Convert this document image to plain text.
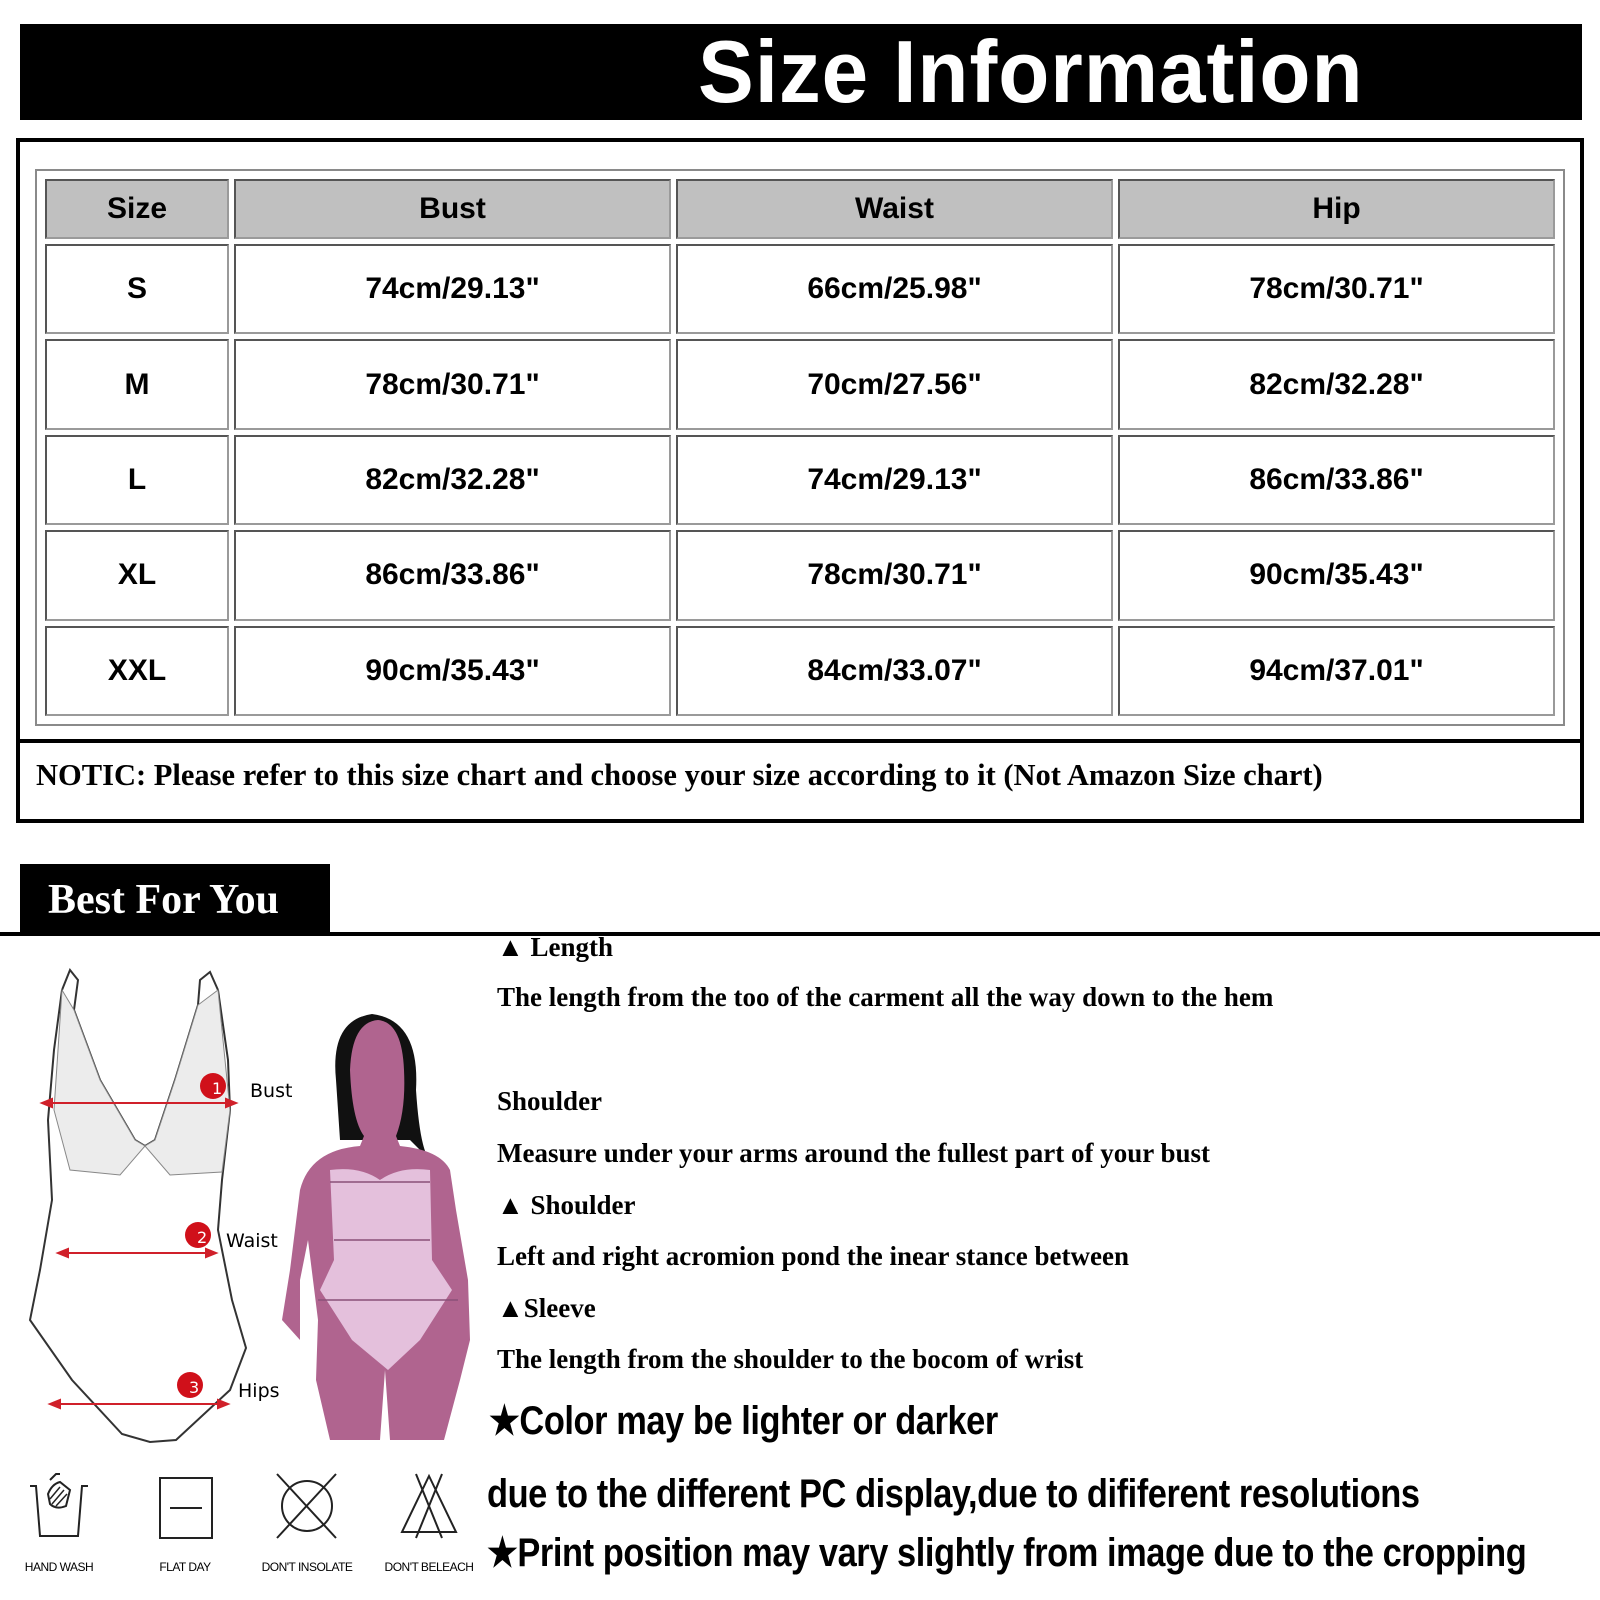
Size Information
Size	Bust	Waist	Hip
S	74cm/29.13"	66cm/25.98"	78cm/30.71"
M	78cm/30.71"	70cm/27.56"	82cm/32.28"
L	82cm/32.28"	74cm/29.13"	86cm/33.86"
XL	86cm/33.86"	78cm/30.71"	90cm/35.43"
XXL	90cm/35.43"	84cm/33.07"	94cm/37.01"
NOTIC: Please refer to this size chart and choose your size according to it (Not Amazon Size chart)
Best For You
1
2
3
Bust
Waist
Hips
▲ Length
The length from the too of the carment all the way down to the hem
Shoulder
Measure under your arms around the fullest part of your bust
▲ Shoulder
Left and right acromion pond the inear stance between
▲Sleeve
The length from the shoulder to the bocom of wrist
★Color may be lighter or darker
due to the different PC display,due to dififerent resolutions
★Print position may vary slightly from image due to the cropping
HAND WASH	FLAT DAY	DON'T INSOLATE	DON'T BELEACH
